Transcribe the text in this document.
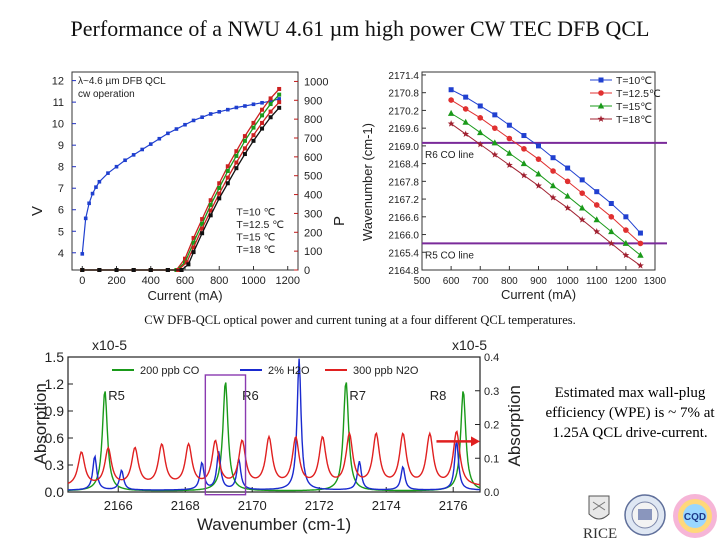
Performance of a NWU 4.61 µm high power CW TEC DFB QCL
0 200 400 600 800 1000 1200
4
5
6
7
8
9
10
11
12
0
100
200
300
400
500
600
700
800
900
1000
Current (mA)
V
P
λ~4.6 µm DFB QCL
cw operation
T=10 ℃
T=12.5 ℃
T=15 ℃
T=18 ℃
500 600 700 800 900 1000 1100 1200 1300
2164.8
2165.4
2166.0
2166.6
2167.2
2167.8
2168.4
2169.0
2169.6
2170.2
2170.8
2171.4
Current (mA)
Wavenumber (cm-1)	R6 CO line
R5 CO line
T=10℃
T=12.5℃
T=15℃
T=18℃
2166	2168	2170	2172	2174	2176
0.0
0.3
0.6
0.9
1.2
1.5
0.0
0.1
0.2
0.3
0.4
x10-5	x10-5
Wavenumber (cm-1)
Absorption	Absorption
200 ppb CO	2% H2O	300 ppb N2O
R5	R6	R7	R8
CW DFB-QCL optical power and current tuning at a four different QCL temperatures.
Estimated max wall-plug efficiency (WPE) is ~ 7% at 1.25A QCL drive-current.
RICE
CQD
